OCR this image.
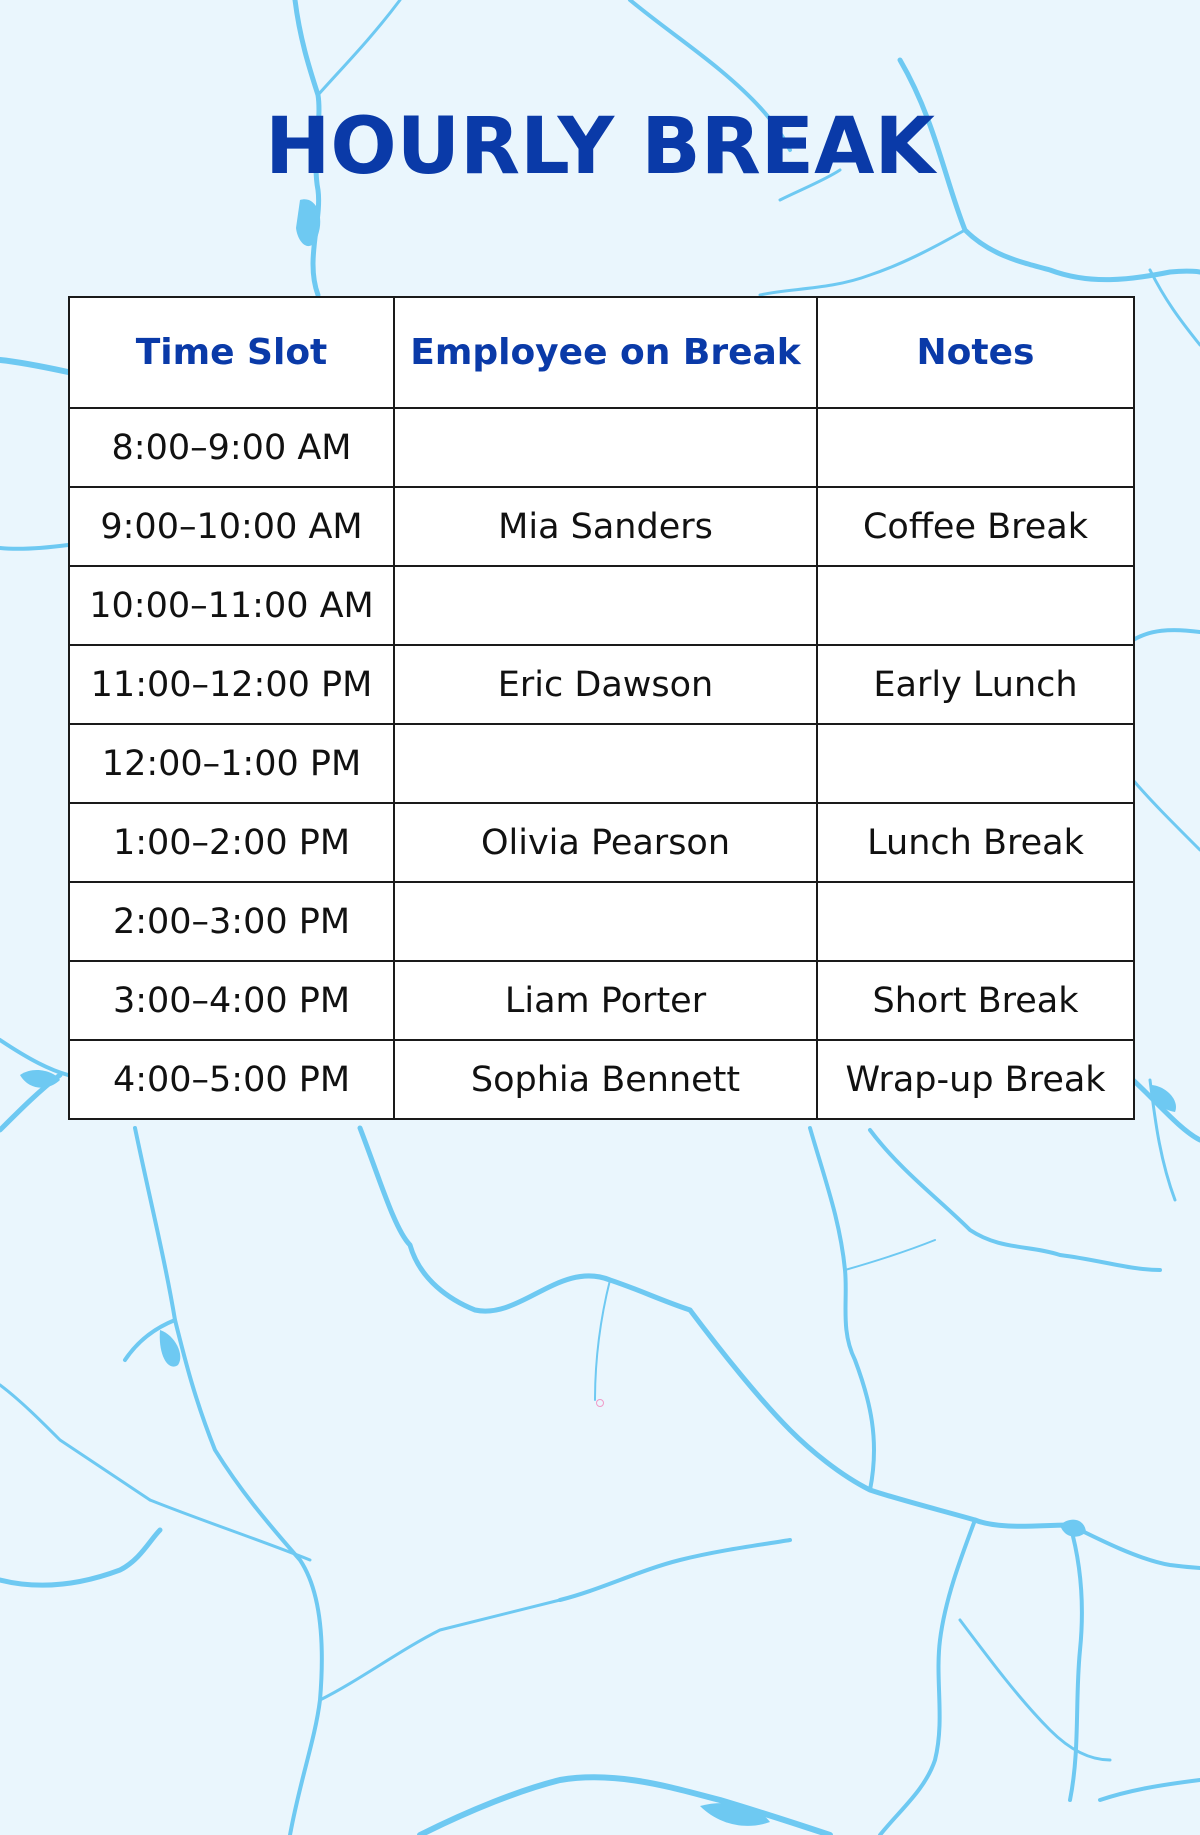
HOURLY BREAK
Time Slot	Employee on Break	Notes
8:00–9:00 AM		
9:00–10:00 AM	Mia Sanders	Coffee Break
10:00–11:00 AM		
11:00–12:00 PM	Eric Dawson	Early Lunch
12:00–1:00 PM		
1:00–2:00 PM	Olivia Pearson	Lunch Break
2:00–3:00 PM		
3:00–4:00 PM	Liam Porter	Short Break
4:00–5:00 PM	Sophia Bennett	Wrap-up Break
